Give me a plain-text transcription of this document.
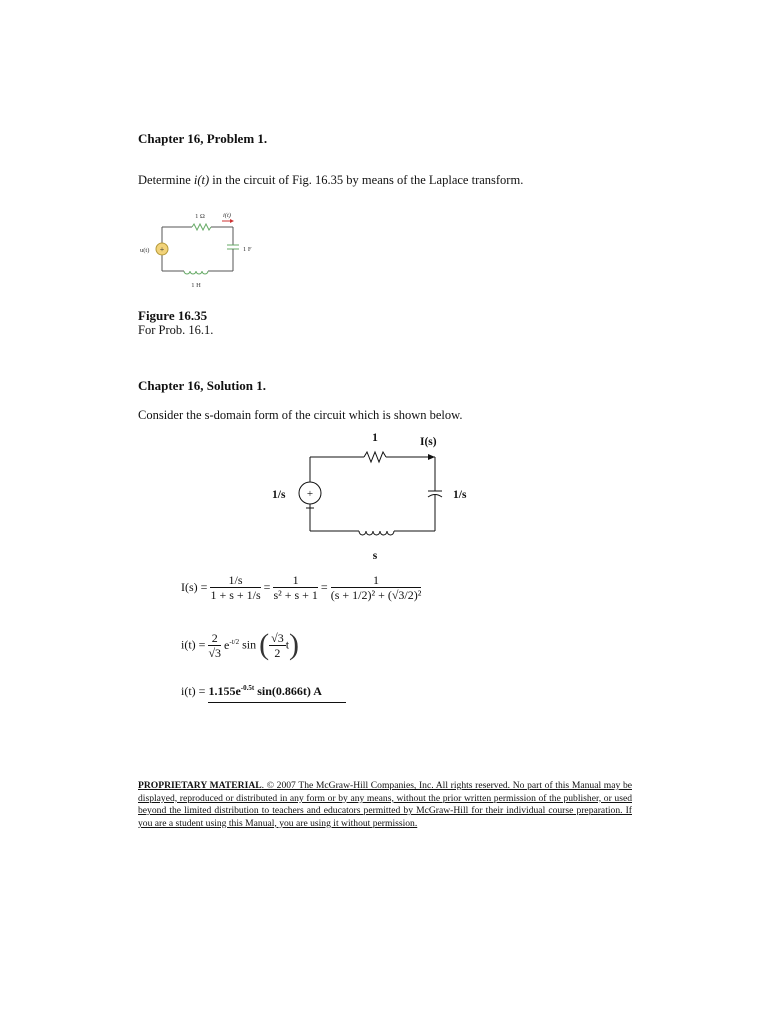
Chapter 16, Problem 1.
Determine i(t) in the circuit of Fig. 16.35 by means of the Laplace transform.
+
1 Ω	i(t)
u(t)	1 F
1 H
Figure 16.35
For Prob. 16.1.
Chapter 16, Solution 1.
Consider the s-domain form of the circuit which is shown below.
+
1	I(s)
1/s	1/s
s
$I(s) = \frac{1/s}{1 + s + 1/s} = \frac{1}{\text{s² + s + 1}} = \frac{1}{\text{(s + 1/2)² + (√3/2)²}}$
$i(t) = \frac{2}{√3} e^{-t/2}$ sin ( $\frac{√3}{2} t$)
$i(t) = 1.155e^{-0.5t}$ sin(0.866t) A
PROPRIETARY MATERIAL. © 2007 The McGraw-Hill Companies, Inc. All rights reserved. No part of this Manual may be displayed, reproduced or distributed in any form or by any means, without the prior written permission of the publisher, or used beyond the limited distribution to teachers and educators permitted by McGraw-Hill for their individual course preparation. If you are a student using this Manual, you are using it without permission.
